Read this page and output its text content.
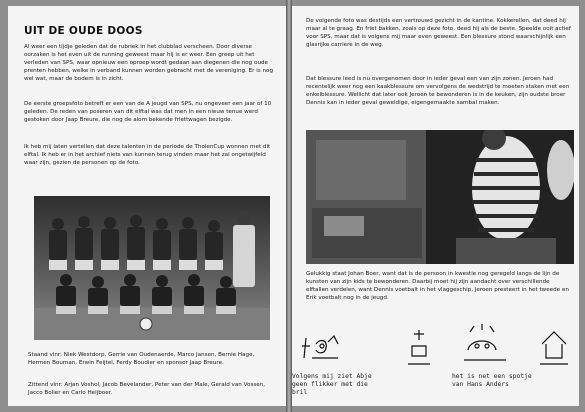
UIT DE OUDE DOOS

Al weer een tijdje geleden dat de rubriek in het clubblad verscheen. Door diverse oorzaken is het even uit de running geweest maar hij is er weer. Een greep uit het verleden van SPS, waar opnieuw een oproep wordt gedaan aan diegenen die nog oude prenten hebben, welke in verband kunnen worden gebracht met de vereniging. Er is nog wel wat, maar de bodem is in zicht.

De eerste groepsfoto betreft er een van de A jeugd van SPS, nu ongeveer een jaar of 10 geleden. De reden van poseren van dit elftal was dat men in een nieuw tenue werd gestoken door Jaap Breure, die nog de alom bekende friettwagen bezigde.

Ik heb mij laten vertellen dat deze talenten in de periode de TholenCup wonnen met dit elftal. Ik heb er in het archief niets van kunnen terug vinden maar het zal ongetwijfeld waar zijn, gezien de personen op de foto.

Staand vlnr: Niek Westdorp, Gerrie van Oudenaerde, Marco Jansen, Bernie Hage, Hermen Bouman, Erwin Feijtel, Ferdy Boudier en sponsor Jaap Breure.

Zittend vlnr: Arjan Voshol, Jacob Bevelander, Peter van der Male, Gerald van Vossen, Jacco Bolier en Carlo Heijboer.

De volgende foto was destijds een vertrouwd gezicht in de kantine. Kokkerellen, dat deed hij maar al te graag. En friet bakken, zoals op deze foto, deed hij als de beste. Speelde ooit actief voor SPS, maar dat is volgens mij maar even geweest. Een blessure stond waarschijnlijk een glasrijke carriere in de weg.

Dat blessure leed is nu overgenomen door in ieder geval een van zijn zonen. Jeroen had recentelijk weer nog een kaakblessure om vervolgens de wedstrijd te moeten staken met een enkelblessure. Wellicht dat later ook Jeroen te bewonderen is in de keuken, zijn oudste broer Dennis kan in ieder geval geweldige, eigengemaakte sambal maken.

Gelukkig staat Johan Boer, want dat is de persoon in kwestie nog geregeld langs de lijn de kunsten van zijn kids te bewonderen. Daarbij moet hij zijn aandacht over verschillende elftallen verdelen, want Dennis voetbalt in het vlaggeschip, Jeroen presteert in het tweede en Erik voetbalt nog in de jeugd.

Volgens mij ziet Abje
geen flikker met die
bril

het is net een spotje
van Hans Anders
